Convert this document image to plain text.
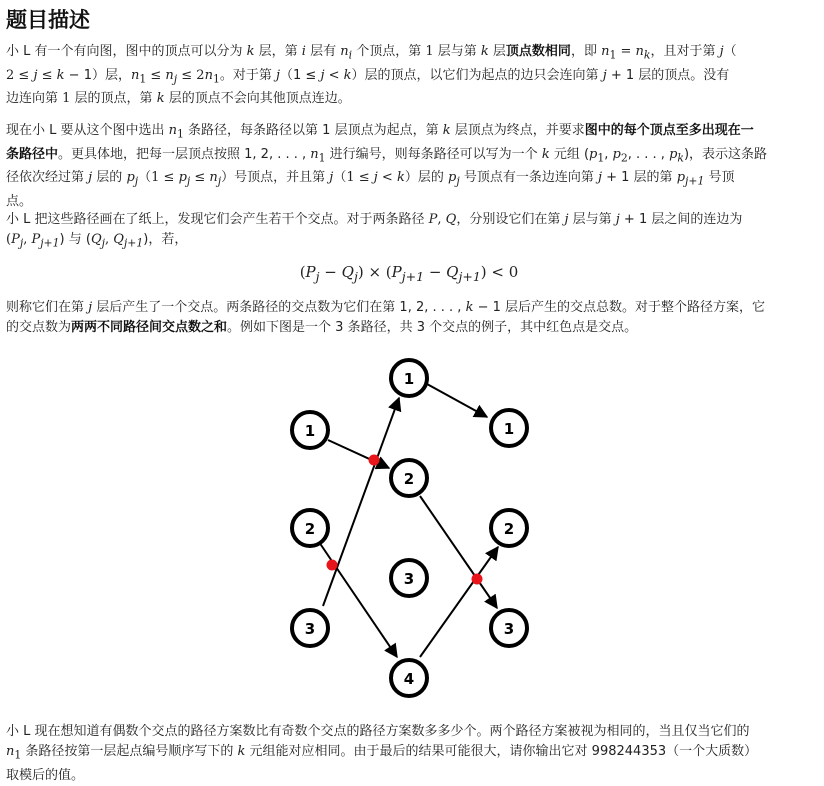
题目描述

小 L 有一个有向图，图中的顶点可以分为 k 层，第 i 层有 $n_i$ 个顶点，第 1 层与第 k 层顶点数相同，即 $n_1 = n_k$，且对于第 j（
2 ≤ j ≤ k − 1）层，$n_1 \le n_j \le 2n_1$。对于第 j（1 ≤ j < k）层的顶点，以它们为起点的边只会连向第 j + 1 层的顶点。没有
边连向第 1 层的顶点，第 k 层的顶点不会向其他顶点连边。

现在小 L 要从这个图中选出 $n_1$ 条路径，每条路径以第 1 层顶点为起点，第 k 层顶点为终点，并要求图中的每个顶点至多出现在一
条路径中。更具体地，把每一层顶点按照 1, 2, . . . , $n_1$ 进行编号，则每条路径可以写为一个 k 元组 ($p_1$, $p_2$, . . . , $p_k$)，表示这条路
径依次经过第 j 层的 $p_j(1 \le p_j \le n_j)$号顶点，并且第 j（1 ≤ j < k）层的 $p_j$ 号顶点有一条边连向第 j + 1 层的第 $p_{j+1}$ 号顶
点。

小 L 把这些路径画在了纸上，发现它们会产生若干个交点。对于两条路径 P, Q，分别设它们在第 j 层与第 j + 1 层之间的连边为
($P_j$, $P_{j+1}$) 与 ($Q_j$, $Q_{j+1}$)，若，

$(P_j - Q_j) \times (P_{j+1} - Q_{j+1}) < 0$

则称它们在第 j 层后产生了一个交点。两条路径的交点数为它们在第 1, 2, . . . , k − 1 层后产生的交点总数。对于整个路径方案，它
的交点数为两两不同路径间交点数之和。例如下图是一个 3 条路径，共 3 个交点的例子，其中红色点是交点。

小 L 现在想知道有偶数个交点的路径方案数比有奇数个交点的路径方案数多多少个。两个路径方案被视为相同的，当且仅当它们的
$n_1$ 条路径按第一层起点编号顺序写下的 k 元组能对应相同。由于最后的结果可能很大，请你输出它对 998244353（一个大质数）
取模后的值。

1
2
3
1
2
3
4
1
2
3
